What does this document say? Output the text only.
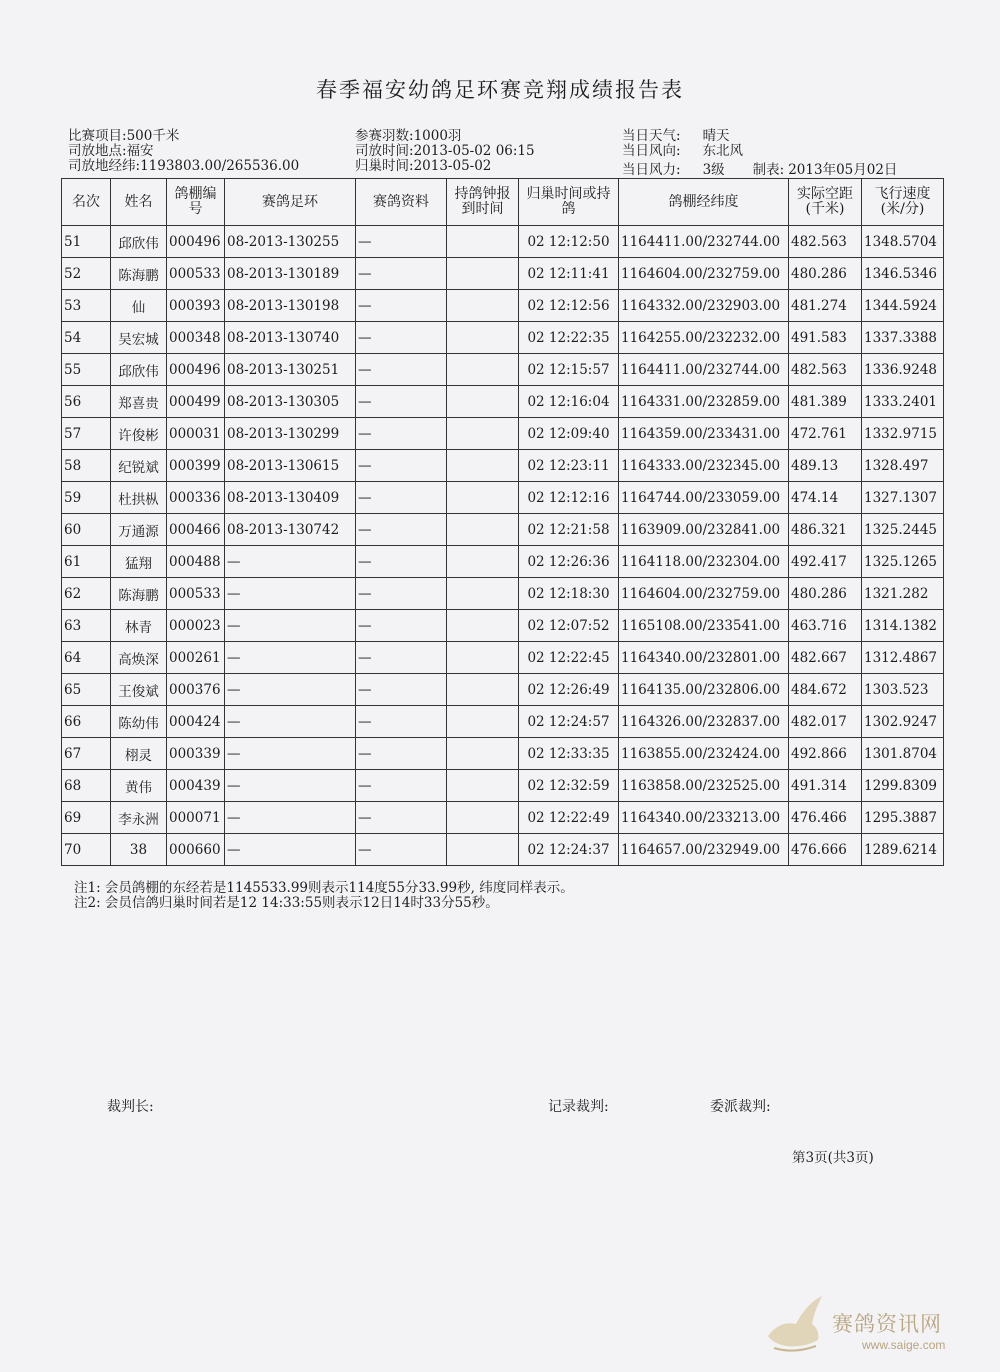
春季福安幼鸽足环赛竞翔成绩报告表
比赛项目:500千米
司放地点:福安
司放地经纬:1193803.00/265536.00
参赛羽数:1000羽
司放时间:2013-05-02 06:15
归巢时间:2013-05-02
当日天气: 晴天
当日风向: 东北风
当日风力: 3级 制表: 2013年05月02日
名次	姓名	鸽棚编号	赛鸽足环	赛鸽资料	持鸽钟报到时间	归巢时间或持鸽	鸽棚经纬度	实际空距(千米)	飞行速度(米/分)
51	邱欣伟	000496	08-2013-130255	—		02 12:12:50	1164411.00/232744.00	482.563	1348.5704
52	陈海鹏	000533	08-2013-130189	—		02 12:11:41	1164604.00/232759.00	480.286	1346.5346
53	仙	000393	08-2013-130198	—		02 12:12:56	1164332.00/232903.00	481.274	1344.5924
54	吴宏城	000348	08-2013-130740	—		02 12:22:35	1164255.00/232232.00	491.583	1337.3388
55	邱欣伟	000496	08-2013-130251	—		02 12:15:57	1164411.00/232744.00	482.563	1336.9248
56	郑喜贵	000499	08-2013-130305	—		02 12:16:04	1164331.00/232859.00	481.389	1333.2401
57	许俊彬	000031	08-2013-130299	—		02 12:09:40	1164359.00/233431.00	472.761	1332.9715
58	纪锐斌	000399	08-2013-130615	—		02 12:23:11	1164333.00/232345.00	489.13	1328.497
59	杜拱枞	000336	08-2013-130409	—		02 12:12:16	1164744.00/233059.00	474.14	1327.1307
60	万通源	000466	08-2013-130742	—		02 12:21:58	1163909.00/232841.00	486.321	1325.2445
61	猛翔	000488	—	—		02 12:26:36	1164118.00/232304.00	492.417	1325.1265
62	陈海鹏	000533	—	—		02 12:18:30	1164604.00/232759.00	480.286	1321.282
63	林青	000023	—	—		02 12:07:52	1165108.00/233541.00	463.716	1314.1382
64	高焕深	000261	—	—		02 12:22:45	1164340.00/232801.00	482.667	1312.4867
65	王俊斌	000376	—	—		02 12:26:49	1164135.00/232806.00	484.672	1303.523
66	陈幼伟	000424	—	—		02 12:24:57	1164326.00/232837.00	482.017	1302.9247
67	栩灵	000339	—	—		02 12:33:35	1163855.00/232424.00	492.866	1301.8704
68	黄伟	000439	—	—		02 12:32:59	1163858.00/232525.00	491.314	1299.8309
69	李永洲	000071	—	—		02 12:22:49	1164340.00/233213.00	476.466	1295.3887
70	38	000660	—	—		02 12:24:37	1164657.00/232949.00	476.666	1289.6214
注1: 会员鸽棚的东经若是1145533.99则表示114度55分33.99秒, 纬度同样表示。
注2: 会员信鸽归巢时间若是12 14:33:55则表示12日14时33分55秒。
裁判长:	记录裁判:	委派裁判:
第3页(共3页)
赛鸽资讯网
www.saige.com
